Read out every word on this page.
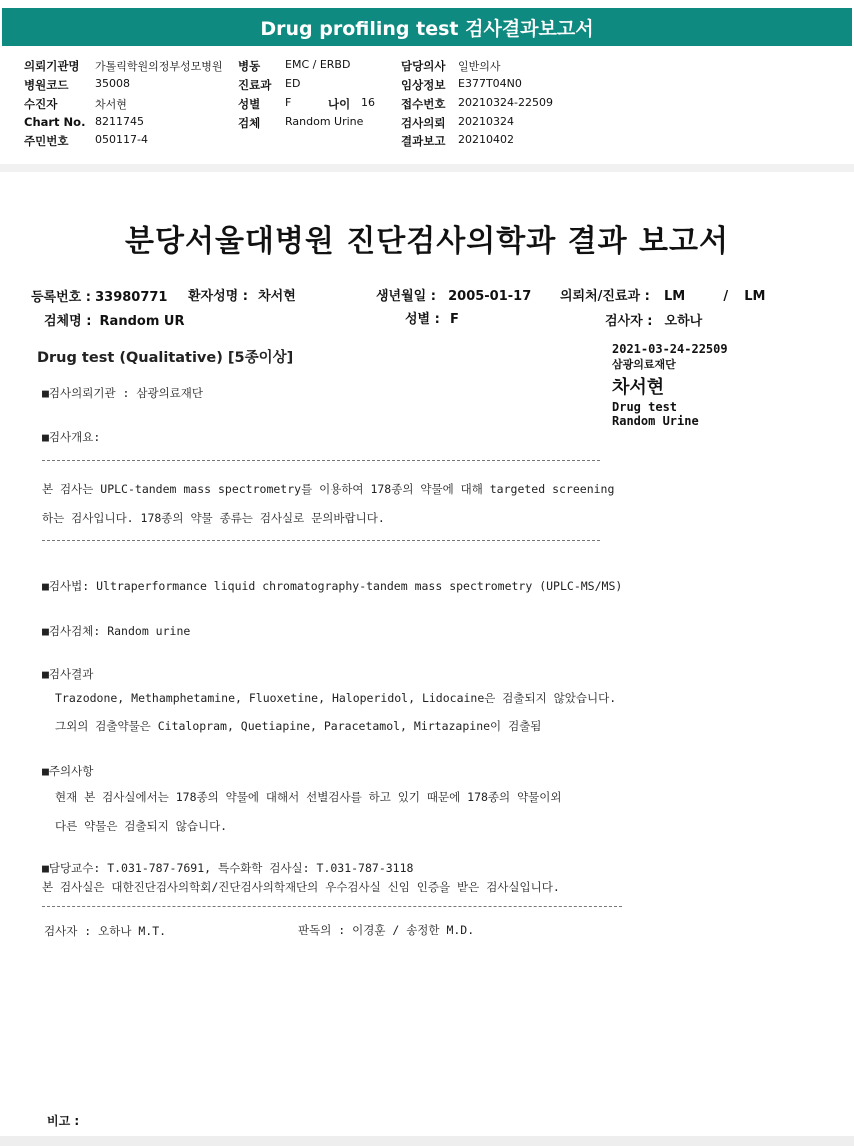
Drug profiling test 검사결과보고서
의뢰기관명 가톨릭학원의정부성모병원
병원코드 35008
수진자	차서현
Chart No. 8211745
주민번호 050117-4
병동 EMC / ERBD
진료과 ED
성별 F	나이 16
검체 Random Urine
담당의사 일반의사
임상정보 E377T04N0
접수번호 20210324-22509
검사의뢰 20210324
결과보고 20210402
분당서울대병원 진단검사의학과 결과 보고서
등록번호 : 33980771 환자성명 : 차서현	생년월일 : 2005-01-17 의뢰처/진료과 : LM	/ LM
검체명 : Random UR	성별 : F	검사자 : 오하나
Drug test (Qualitative) [5종이상]
2021-03-24-22509
삼광의료재단
차서현
Drug test
Random Urine
■검사의뢰기관 : 삼광의료재단
■검사개요:
본 검사는 UPLC-tandem mass spectrometry를 이용하여 178종의 약물에 대해 targeted screening
하는 검사입니다. 178종의 약물 종류는 검사실로 문의바랍니다.
■검사법: Ultraperformance liquid chromatography-tandem mass spectrometry (UPLC-MS/MS)
■검사검체: Random urine
■검사결과
Trazodone, Methamphetamine, Fluoxetine, Haloperidol, Lidocaine은 검출되지 않았습니다.
그외의 검출약물은 Citalopram, Quetiapine, Paracetamol, Mirtazapine이 검출됨
■주의사항
현재 본 검사실에서는 178종의 약물에 대해서 선별검사를 하고 있기 때문에 178종의 약물이외
다른 약물은 검출되지 않습니다.
■담당교수: T.031-787-7691, 특수화학 검사실: T.031-787-3118
본 검사실은 대한진단검사의학회/진단검사의학재단의 우수검사실 신임 인증을 받은 검사실입니다.
검사자 : 오하나 M.T.	판독의 : 이경훈 / 송정한 M.D.
비고 :
